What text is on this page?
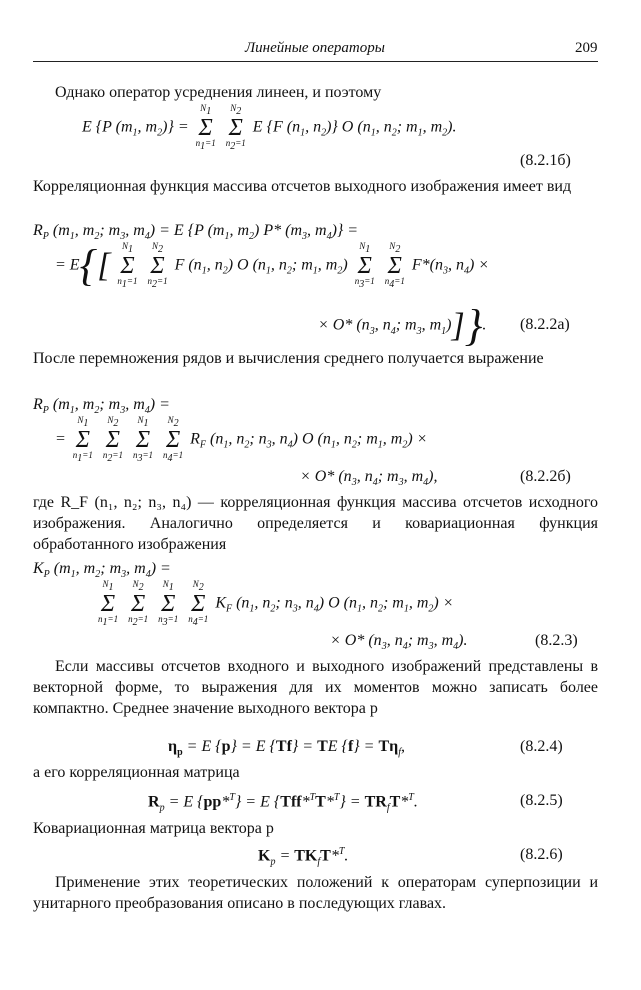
Линейные операторы	209
Однако оператор усреднения линеен, и поэтому
E {P ($m_1$, $m_2$)} =
$N_1$
Σ
$n_1=1$

$N_2$
Σ
$n_2=1$
E {F ($n_1$, $n_2$)} O ($n_1$, $n_2$; $m_1$, $m_2$).
(8.2.1б)
Корреляционная функция массива отсчетов выходного изображения имеет вид
$R_P$ ($m_1$, $m_2$; $m_3$, $m_4) = E$ {P ($m_1$, $m_2$) P* ($m_3$, $m_4$)} =
= E{[
$N_1$
Σ
$n_1=1$

$N_2$
Σ
$n_2=1$
F ($n_1$, $n_2$) O ($n_1$, $n_2$; $m_1$, $m_2$)
$N_1$
Σ
$n_3=1$

$N_2$
Σ
$n_4=1$
$F*(n_3$, $n_4$) ×
× O* ($n_3$, $n_4$; $m_3$, $m_1$)]}. (8.2.2а)
После перемножения рядов и вычисления среднего получается выражение
$R_P$ ($m_1$, $m_2$; $m_3$, $m_4$) =
=
$N_1$
Σ
$n_1=1$

$N_2$
Σ
$n_2=1$

$N_1$
Σ
$n_3=1$

$N_2$
Σ
$n_4=1$
$R_F$ ($n_1$, $n_2$; $n_3$, $n_4$) O ($n_1$, $n_2$; $m_1$, $m_2$) ×
× O* ($n_3$, $n_4$; $m_3$, $m_4$),	(8.2.2б)
где R_F (n₁, n₂; n₃, n₄) — корреляционная функция массива отсчетов исходного изображения. Аналогично определяется и ковариационная функция обработанного изображения
$K_P$ ($m_1$, $m_2$; $m_3$, $m_4$) =
$N_1$
Σ
$n_1=1$

$N_2$
Σ
$n_2=1$

$N_1$
Σ
$n_3=1$

$N_2$
Σ
$n_4=1$
$K_F$ ($n_1$, $n_2$; $n_3$, $n_4$) O ($n_1$, $n_2$; $m_1$, $m_2$) ×
× O* ($n_3$, $n_4$; $m_3$, $m_4$).	(8.2.3)
Если массивы отсчетов входного и выходного изображений представлены в векторной форме, то выражения для их моментов можно записать более компактно. Среднее значение выходного вектора p
$\eta_p = E$ {p} = E {Tf} = TE $\{f\} = T\eta_f$,	(8.2.4)
а его корреляционная матрица
$R_p = E$ {pp*$^T$} = E $\{Tff*^TT*^T\} = TR_fT*^T$.	(8.2.5)
Ковариационная матрица вектора p
$K_p = TK_fT*^T$.	(8.2.6)
Применение этих теоретических положений к операторам суперпозиции и унитарного преобразования описано в последующих главах.
